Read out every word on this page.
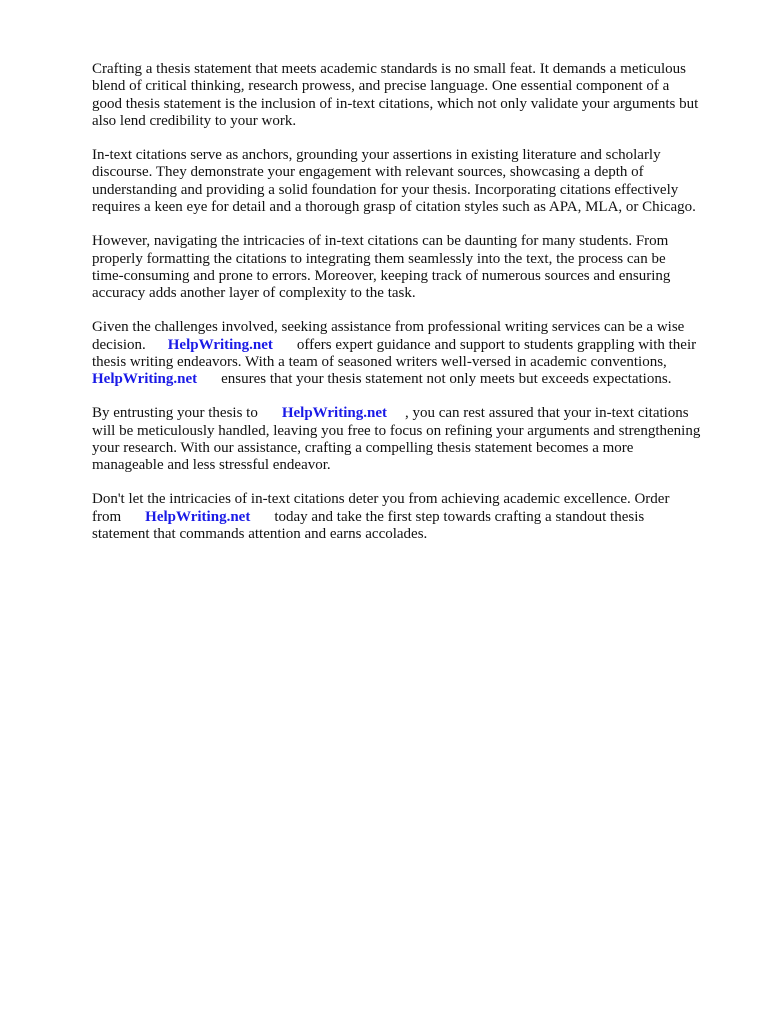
Crafting a thesis statement that meets academic standards is no small feat. It demands a meticulous
blend of critical thinking, research prowess, and precise language. One essential component of a
good thesis statement is the inclusion of in-text citations, which not only validate your arguments but
also lend credibility to your work.

In-text citations serve as anchors, grounding your assertions in existing literature and scholarly
discourse. They demonstrate your engagement with relevant sources, showcasing a depth of
understanding and providing a solid foundation for your thesis. Incorporating citations effectively
requires a keen eye for detail and a thorough grasp of citation styles such as APA, MLA, or Chicago.

However, navigating the intricacies of in-text citations can be daunting for many students. From
properly formatting the citations to integrating them seamlessly into the text, the process can be
time-consuming and prone to errors. Moreover, keeping track of numerous sources and ensuring
accuracy adds another layer of complexity to the task.

Given the challenges involved, seeking assistance from professional writing services can be a wise
decision. HelpWriting.net offers expert guidance and support to students grappling with their
thesis writing endeavors. With a team of seasoned writers well-versed in academic conventions,
HelpWriting.net ensures that your thesis statement not only meets but exceeds expectations.

By entrusting your thesis to HelpWriting.net , you can rest assured that your in-text citations
will be meticulously handled, leaving you free to focus on refining your arguments and strengthening
your research. With our assistance, crafting a compelling thesis statement becomes a more
manageable and less stressful endeavor.

Don't let the intricacies of in-text citations deter you from achieving academic excellence. Order
from HelpWriting.net today and take the first step towards crafting a standout thesis
statement that commands attention and earns accolades.
